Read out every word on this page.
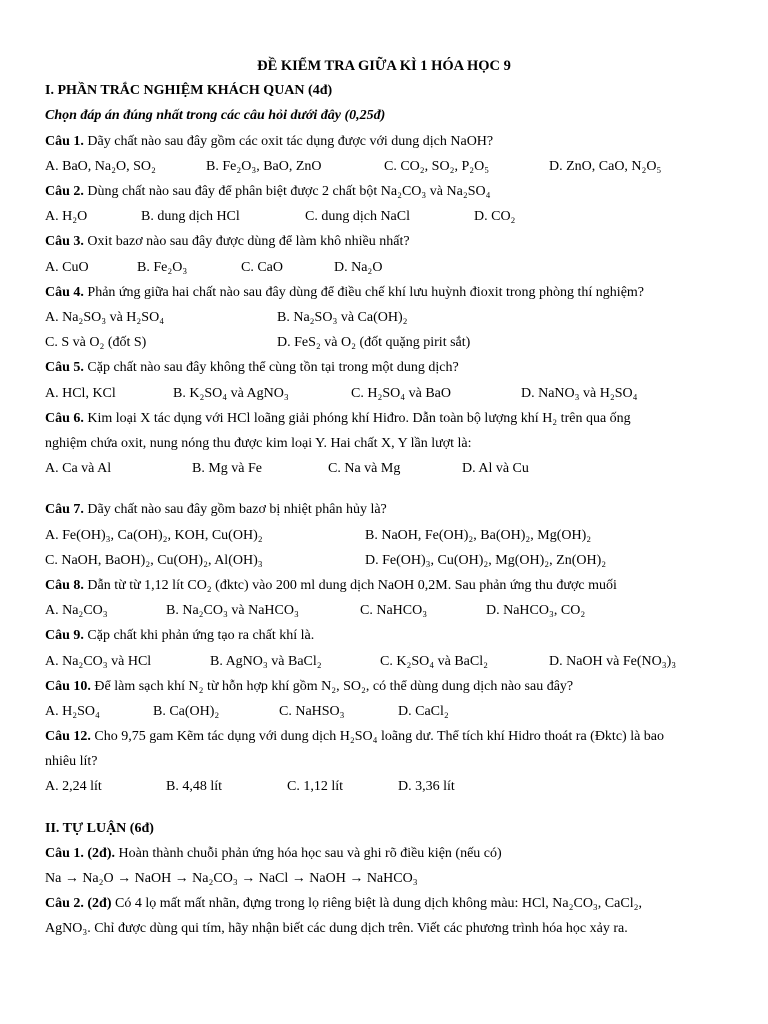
ĐỀ KIỂM TRA GIỮA KÌ 1 HÓA HỌC 9
I. PHẦN TRẮC NGHIỆM KHÁCH QUAN (4đ)
Chọn đáp án đúng nhất trong các câu hỏi dưới đây (0,25đ)
Câu 1. Dãy chất nào sau đây gồm các oxit tác dụng được với dung dịch NaOH?
A. BaO, Na₂O, SO₂	B. Fe₂O₃, BaO, ZnO	C. CO₂, SO₂, P₂O₅	D. ZnO, CaO, N₂O₅
Câu 2. Dùng chất nào sau đây để phân biệt được 2 chất bột Na₂CO₃ và Na₂SO₄
A. H₂O	B. dung dịch HCl	C. dung dịch NaCl	D. CO₂
Câu 3. Oxit bazơ nào sau đây được dùng để làm khô nhiều nhất?
A. CuO	B. Fe₂O₃	C. CaO	D. Na₂O
Câu 4. Phản ứng giữa hai chất nào sau đây dùng để điều chế khí lưu huỳnh đioxit trong phòng thí nghiệm?
A. Na₂SO₃ và H₂SO₄	B. Na₂SO₃ và Ca(OH)₂
C. S và O₂ (đốt S)	D. FeS₂ và O₂ (đốt quặng pirit sắt)
Câu 5. Cặp chất nào sau đây không thể cùng tồn tại trong một dung dịch?
A. HCl, KCl	B. K₂SO₄ và AgNO₃	C. H₂SO₄ và BaO	D. NaNO₃ và H₂SO₄
Câu 6. Kim loại X tác dụng với HCl loãng giải phóng khí Hiđro. Dẫn toàn bộ lượng khí H₂ trên qua ống
nghiệm chứa oxit, nung nóng thu được kim loại Y. Hai chất X, Y lần lượt là:
A. Ca và Al	B. Mg và Fe	C. Na và Mg	D. Al và Cu
Câu 7. Dãy chất nào sau đây gồm bazơ bị nhiệt phân hủy là?
A. Fe(OH)₃, Ca(OH)₂, KOH, Cu(OH)₂	B. NaOH, Fe(OH)₂, Ba(OH)₂, Mg(OH)₂
C. NaOH, BaOH)₂, Cu(OH)₂, Al(OH)₃	D. Fe(OH)₃, Cu(OH)₂, Mg(OH)₂, Zn(OH)₂
Câu 8. Dẫn từ từ 1,12 lít CO₂ (đktc) vào 200 ml dung dịch NaOH 0,2M. Sau phản ứng thu được muối
A. Na₂CO₃	B. Na₂CO₃ và NaHCO₃	C. NaHCO₃	D. NaHCO₃, CO₂
Câu 9. Cặp chất khi phản ứng tạo ra chất khí là.
A. Na₂CO₃ và HCl	B. AgNO₃ và BaCl₂	C. K₂SO₄ và BaCl₂	D. NaOH và Fe(NO₃)₃
Câu 10. Để làm sạch khí N₂ từ hỗn hợp khí gồm N₂, SO₂, có thể dùng dung dịch nào sau đây?
A. H₂SO₄	B. Ca(OH)₂	C. NaHSO₃	D. CaCl₂
Câu 12. Cho 9,75 gam Kẽm tác dụng với dung dịch H₂SO₄ loãng dư. Thể tích khí Hidro thoát ra (Đktc) là bao
nhiêu lít?
A. 2,24 lít	B. 4,48 lít	C. 1,12 lít	D. 3,36 lít
II. TỰ LUẬN (6đ)
Câu 1. (2đ). Hoàn thành chuỗi phản ứng hóa học sau và ghi rõ điều kiện (nếu có)
Na → Na₂O → NaOH → Na₂CO₃ → NaCl → NaOH → NaHCO₃
Câu 2. (2đ) Có 4 lọ mất mất nhãn, đựng trong lọ riêng biệt là dung dịch không màu: HCl, Na₂CO₃, CaCl₂,
AgNO₃. Chỉ được dùng qui tím, hãy nhận biết các dung dịch trên. Viết các phương trình hóa học xảy ra.
